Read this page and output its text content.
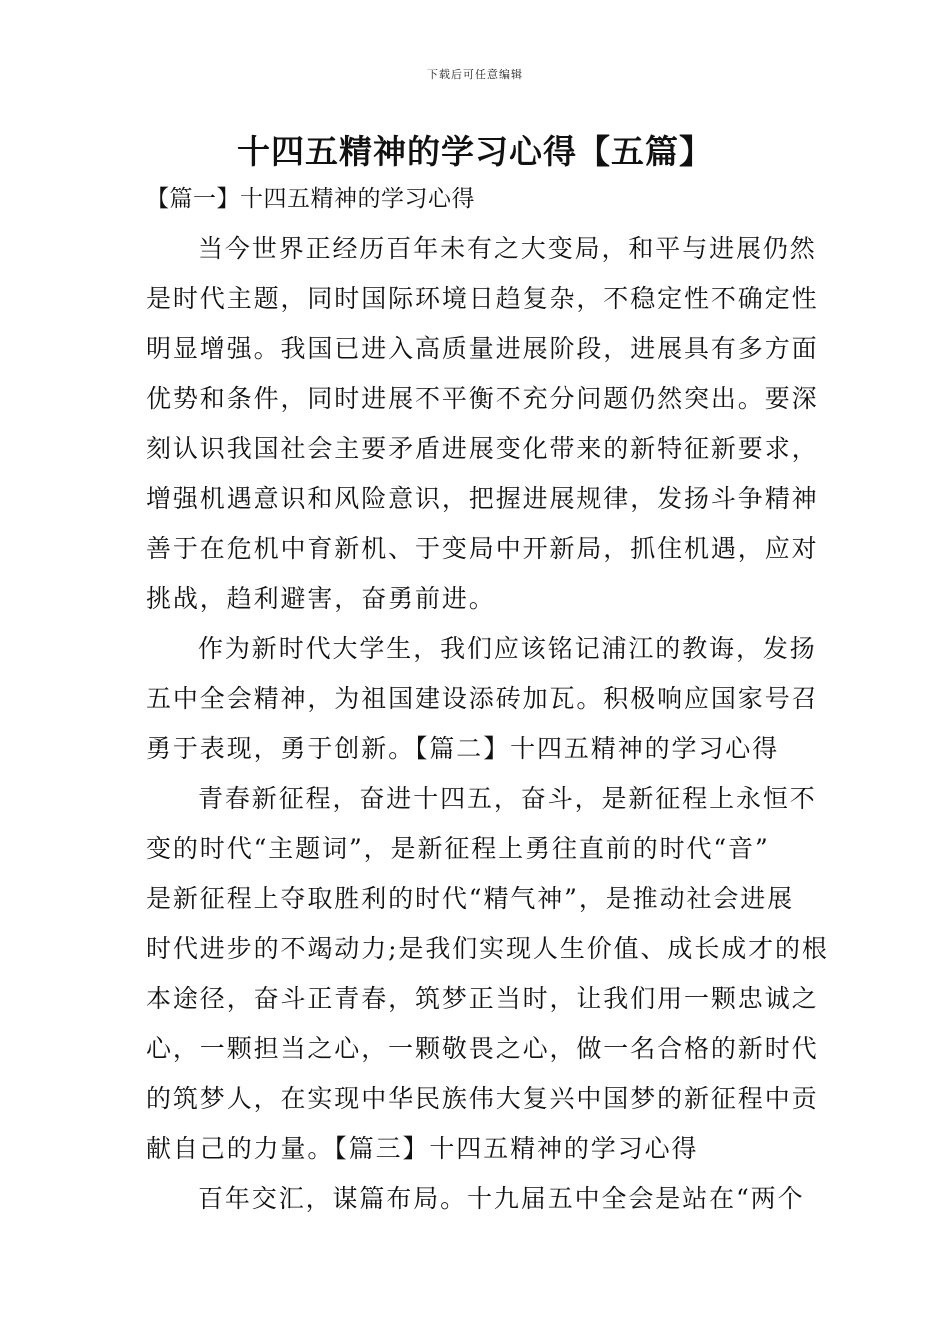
下载后可任意编辑
十四五精神的学习心得【五篇】
【篇一】十四五精神的学习心得
当今世界正经历百年未有之大变局，和平与进展仍然
是时代主题，同时国际环境日趋复杂，不稳定性不确定性
明显增强。我国已进入高质量进展阶段，进展具有多方面
优势和条件，同时进展不平衡不充分问题仍然突出。要深
刻认识我国社会主要矛盾进展变化带来的新特征新要求，
增强机遇意识和风险意识，把握进展规律，发扬斗争精神
善于在危机中育新机、于变局中开新局，抓住机遇，应对
挑战，趋利避害，奋勇前进。
作为新时代大学生，我们应该铭记浦江的教诲，发扬
五中全会精神，为祖国建设添砖加瓦。积极响应国家号召
勇于表现，勇于创新。【篇二】十四五精神的学习心得
青春新征程，奋进十四五，奋斗，是新征程上永恒不
变的时代“主题词”，是新征程上勇往直前的时代“音”
是新征程上夺取胜利的时代“精气神”，是推动社会进展
时代进步的不竭动力;是我们实现人生价值、成长成才的根
本途径，奋斗正青春，筑梦正当时，让我们用一颗忠诚之
心，一颗担当之心，一颗敬畏之心，做一名合格的新时代
的筑梦人，在实现中华民族伟大复兴中国梦的新征程中贡
献自己的力量。【篇三】十四五精神的学习心得
百年交汇，谋篇布局。十九届五中全会是站在“两个
